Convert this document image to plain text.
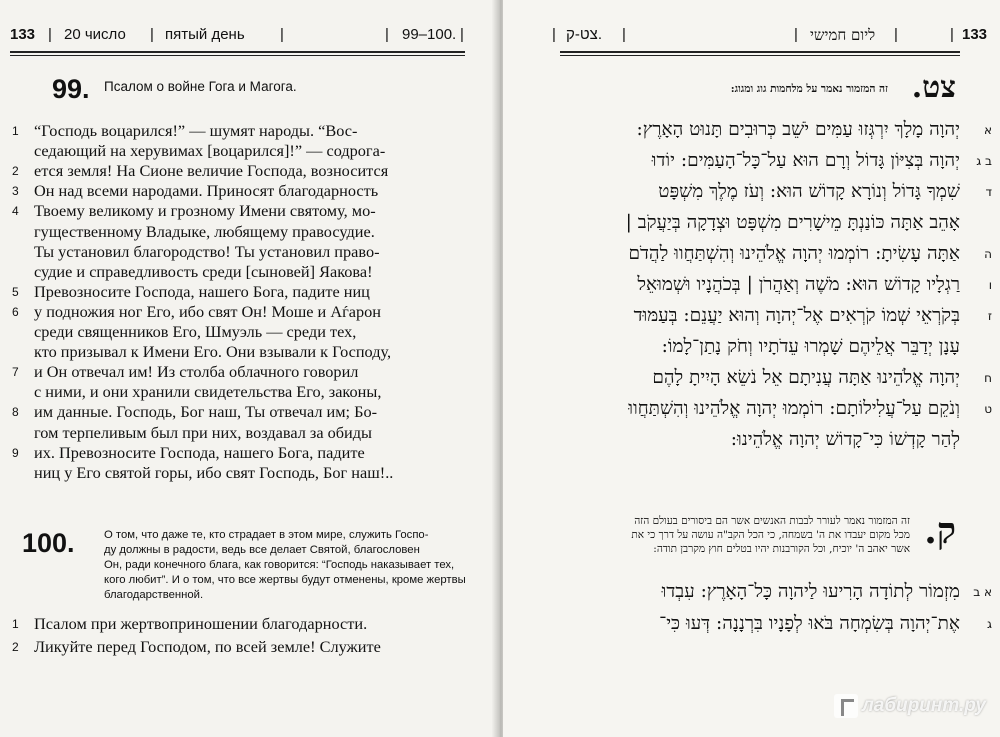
133 | 20 число | пятый день |	| 99–100. |
99. Псалом о войне Гога и Магога.
1 “Господь воцарился!” — шумят народы. “Вос-
седающий на херувимах [воцарился]!” — содрога-
2 ется земля! На Сионе величие Господа, возносится
3 Он над всеми народами. Приносят благодарность
4 Твоему великому и грозному Имени святому, мо-
гущественному Владыке, любящему правосудие.
Ты установил благородство! Ты установил право-
судие и справедливость среди [сыновей] Яакова!
5 Превозносите Господа, нашего Бога, падите ниц
6 у подножия ног Его, ибо свят Он! Моше и Аѓарон
среди священников Его, Шмуэль — среди тех,
кто призывал к Имени Его. Они взывали к Господу,
7 и Он отвечал им! Из столба облачного говорил
с ними, и они хранили свидетельства Его, законы,
8 им данные. Господь, Бог наш, Ты отвечал им; Бо-
гом терпеливым был при них, воздавал за обиды
9 их. Превозносите Господа, нашего Бога, падите
ниц у Его святой горы, ибо свят Господь, Бог наш!..
100.	О том, что даже те, кто страдает в этом мире, служить Госпо-
ду должны в радости, ведь все делает Святой, благословен
Он, ради конечного блага, как говорится: “Господь наказывает тех,
кого любит”. И о том, что все жертвы будут отменены, кроме жертвы
благодарственной.
1 Псалом при жертвоприношении благодарности.
2 Ликуйте перед Господом, по всей земле! Служите
| צט-ק. |	| ליום חמישי |	| 133
צט.
זה המזמור נאמר על מלחמות גוג ומגוג:
א
יְהוָה מָלָךְ יִרְגְּזוּ עַמִּים יֹשֵׁב כְּרוּבִים תָּנוּט הָאָרֶץ:
ב ג
יְהוָה בְּצִיּוֹן גָּדוֹל וְרָם הוּא עַל־כָּל־הָעַמִּים: יוֹדוּ
ד
שִׁמְךָ גָּדוֹל וְנוֹרָא קָדוֹשׁ הוּא: וְעֹז מֶלֶךְ מִשְׁפָּט
אָהֵב אַתָּה כּוֹנַנְתָּ מֵישָׁרִים מִשְׁפָּט וּצְדָקָה בְּיַעֲקֹב |
ה
אַתָּה עָשִׂיתָ: רוֹמְמוּ יְהוָה אֱלֹהֵינוּ וְהִשְׁתַּחֲווּ לַהֲדֹם
ו
רַגְלָיו קָדוֹשׁ הוּא: מֹשֶׁה וְאַהֲרֹן | בְּכֹהֲנָיו וּשְׁמוּאֵל
ז
בְּקֹרְאֵי שְׁמוֹ קֹרְאִים אֶל־יְהוָה וְהוּא יַעֲנֵם: בְּעַמּוּד
עָנָן יְדַבֵּר אֲלֵיהֶם שָׁמְרוּ עֵדֹתָיו וְחֹק נָתַן־לָמוֹ:
ח
יְהוָה אֱלֹהֵינוּ אַתָּה עֲנִיתָם אֵל נֹשֵׂא הָיִיתָ לָהֶם
ט
וְנֹקֵם עַל־עֲלִילוֹתָם: רוֹמְמוּ יְהוָה אֱלֹהֵינוּ וְהִשְׁתַּחֲווּ
לְהַר קָדְשׁוֹ כִּי־קָדוֹשׁ יְהוָה אֱלֹהֵינוּ:
ק.
זה המזמור נאמר לעורר לבבות האנשים אשר הם ביסורים בעולם הזה
מכל מקום יעבדו את ה' בשמחה, כי הכל הקב"ה עושה על דרך כי את
אשר יאהב ה' יוכיח, וכל הקורבנות יהיו בטלים חוץ מקרבן תודה:
א ב
מִזְמוֹר לְתוֹדָה הָרִיעוּ לַיהוָה כָּל־הָאָרֶץ: עִבְדוּ
ג
אֶת־יְהוָה בְּשִׂמְחָה בֹּאוּ לְפָנָיו בִּרְנָנָה: דְּעוּ כִּי־
лабиринт.ру
